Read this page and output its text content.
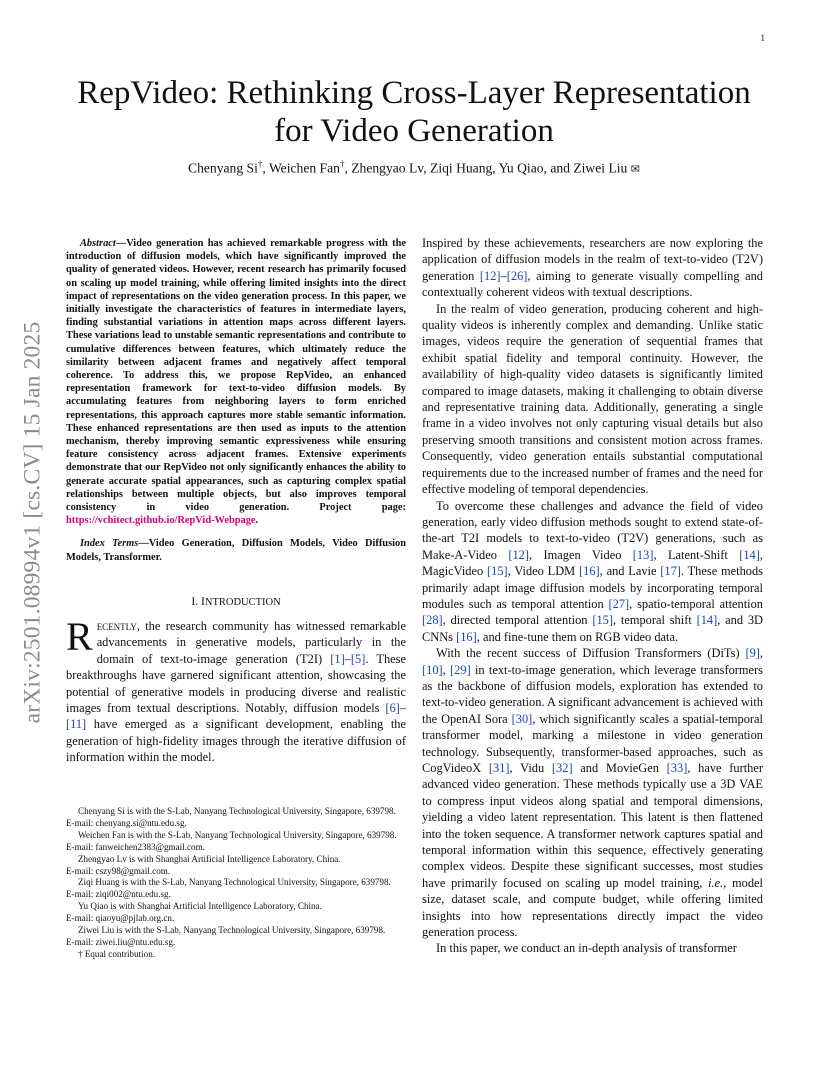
1
arXiv:2501.08994v1 [cs.CV] 15 Jan 2025
RepVideo: Rethinking Cross-Layer Representation
for Video Generation
Chenyang Si†, Weichen Fan†, Zhengyao Lv, Ziqi Huang, Yu Qiao, and Ziwei Liu ✉

Abstract—Video generation has achieved remarkable progress with the introduction of diffusion models, which have significantly improved the quality of generated videos. However, recent research has primarily focused on scaling up model training, while offering limited insights into the direct impact of representations on the video generation process. In this paper, we initially investigate the characteristics of features in intermediate layers, finding substantial variations in attention maps across different layers. These variations lead to unstable semantic representations and contribute to cumulative differences between features, which ultimately reduce the similarity between adjacent frames and negatively affect temporal coherence. To address this, we propose RepVideo, an enhanced representation framework for text-to-video diffusion models. By accumulating features from neighboring layers to form enriched representations, this approach captures more stable semantic information. These enhanced representations are then used as inputs to the attention mechanism, thereby improving semantic expressiveness while ensuring feature consistency across adjacent frames. Extensive experiments demonstrate that our RepVideo not only significantly enhances the ability to generate accurate spatial appearances, such as capturing complex spatial relationships between multiple objects, but also improves temporal consistency in video generation. Project page: https://vchitect.github.io/RepVid-Webpage.

Index Terms—Video Generation, Diffusion Models, Video Diffusion Models, Transformer.

I. INTRODUCTION

Recently, the research community has witnessed remarkable advancements in generative models, particularly in the domain of text-to-image generation (T2I) [1]–[5]. These breakthroughs have garnered significant attention, showcasing the potential of generative models in producing diverse and realistic images from textual descriptions. Notably, diffusion models [6]–[11] have emerged as a significant development, enabling the generation of high-fidelity images through the iterative diffusion of information within the model.

Chenyang Si is with the S-Lab, Nanyang Technological University, Singapore, 639798.
E-mail: chenyang.si@ntu.edu.sg.

Weichen Fan is with the S-Lab, Nanyang Technological University, Singapore, 639798.
E-mail: fanweichen2383@gmail.com.

Zhengyao Lv is with Shanghai Artificial Intelligence Laboratory, China.
E-mail: cszy98@gmail.com.

Ziqi Huang is with the S-Lab, Nanyang Technological University, Singapore, 639798.
E-mail: ziqi002@ntu.edu.sg.

Yu Qiao is with Shanghai Artificial Intelligence Laboratory, China.
E-mail: qiaoyu@pjlab.org.cn.

Ziwei Liu is with the S-Lab, Nanyang Technological University, Singapore, 639798.
E-mail: ziwei.liu@ntu.edu.sg.

† Equal contribution.

Inspired by these achievements, researchers are now exploring the application of diffusion models in the realm of text-to-video (T2V) generation [12]–[26], aiming to generate visually compelling and contextually coherent videos with textual descriptions.

In the realm of video generation, producing coherent and high-quality videos is inherently complex and demanding. Unlike static images, videos require the generation of sequential frames that exhibit spatial fidelity and temporal continuity. However, the availability of high-quality video datasets is significantly limited compared to image datasets, making it challenging to obtain diverse and representative training data. Additionally, generating a single frame in a video involves not only capturing visual details but also preserving smooth transitions and consistent motion across frames. Consequently, video generation entails substantial computational requirements due to the increased number of frames and the need for effective modeling of temporal dependencies.

To overcome these challenges and advance the field of video generation, early video diffusion methods sought to extend state-of-the-art T2I models to text-to-video (T2V) generations, such as Make-A-Video [12], Imagen Video [13], Latent-Shift [14], MagicVideo [15], Video LDM [16], and Lavie [17]. These methods primarily adapt image diffusion models by incorporating temporal modules such as temporal attention [27], spatio-temporal attention [28], directed temporal attention [15], temporal shift [14], and 3D CNNs [16], and fine-tune them on RGB video data.

With the recent success of Diffusion Transformers (DiTs) [9], [10], [29] in text-to-image generation, which leverage transformers as the backbone of diffusion models, exploration has extended to text-to-video generation. A significant advancement is achieved with the OpenAI Sora [30], which significantly scales a spatial-temporal transformer model, marking a milestone in video generation technology. Subsequently, transformer-based approaches, such as CogVideoX [31], Vidu [32] and MovieGen [33], have further advanced video generation. These methods typically use a 3D VAE to compress input videos along spatial and temporal dimensions, yielding a video latent representation. This latent is then flattened into the token sequence. A transformer network captures spatial and temporal information within this sequence, effectively generating complex videos. Despite these significant successes, most studies have primarily focused on scaling up model training, i.e., model size, dataset scale, and compute budget, while offering limited insights into how representations directly impact the video generation process.

In this paper, we conduct an in-depth analysis of transformer
